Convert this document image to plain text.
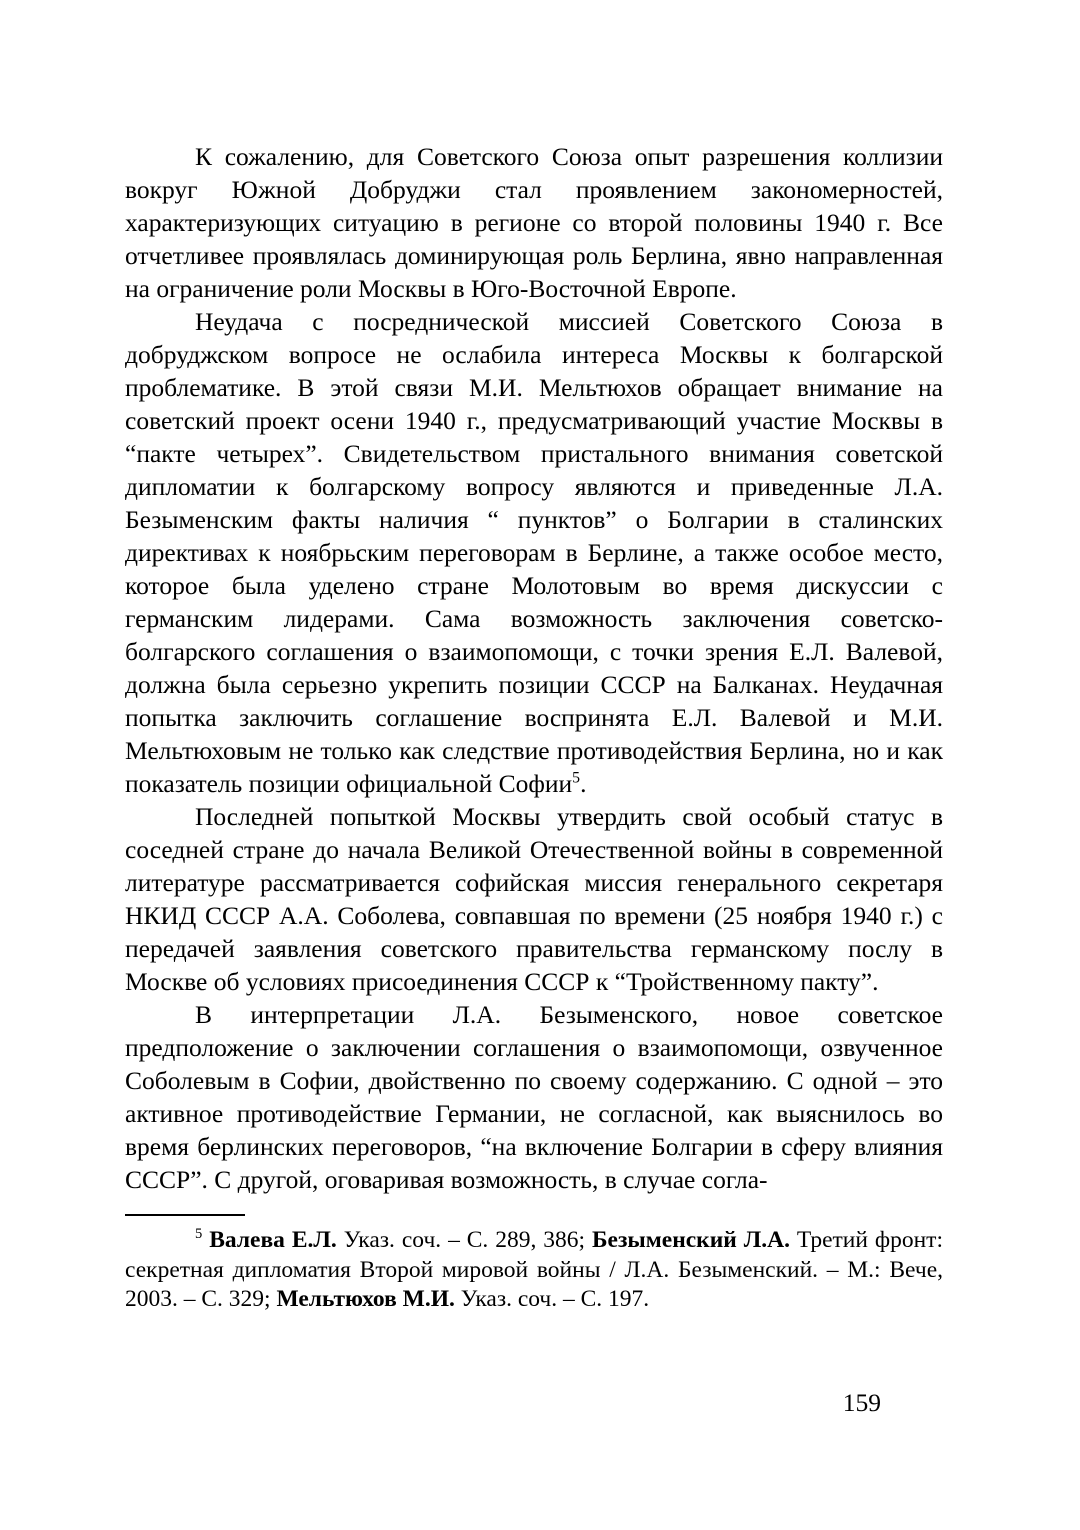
К сожалению, для Советского Союза опыт разрешения коллизии вокруг Южной Добруджи стал проявлением закономерностей, характеризующих ситуацию в регионе со второй половины 1940 г. Все отчетливее проявлялась доминирующая роль Берлина, явно направленная на ограничение роли Москвы в Юго-Восточной Европе.

Неудача с посреднической миссией Советского Союза в добруджском вопросе не ослабила интереса Москвы к болгарской проблематике. В этой связи М.И. Мельтюхов обращает внимание на советский проект осени 1940 г., предусматривающий участие Москвы в “пакте четырех”. Свидетельством пристального внимания советской дипломатии к болгарскому вопросу являются и приведенные Л.А. Безыменским факты наличия “ пунктов” о Болгарии в сталинских директивах к ноябрьским переговорам в Берлине, а также особое место, которое была уделено стране Молотовым во время дискуссии с германским лидерами. Сама возможность заключения советско-болгарского соглашения о взаимопомощи, с точки зрения Е.Л. Валевой, должна была серьезно укрепить позиции СССР на Балканах. Неудачная попытка заключить соглашение воспринята Е.Л. Валевой и М.И. Мельтюховым не только как следствие противодействия Берлина, но и как показатель позиции официальной Софии$^5$.

Последней попыткой Москвы утвердить свой особый статус в соседней стране до начала Великой Отечественной войны в современной литературе рассматривается софийская миссия генерального секретаря НКИД СССР А.А. Соболева, совпавшая по времени (25 ноября 1940 г.) с передачей заявления советского правительства германскому послу в Москве об условиях присоединения СССР к “Тройственному пакту”.

В интерпретации Л.А. Безыменского, новое советское предположение о заключении соглашения о взаимопомощи, озвученное Соболевым в Софии, двойственно по своему содержанию. С одной – это активное противодействие Германии, не согласной, как выяснилось во время берлинских переговоров, “на включение Болгарии в сферу влияния СССР”. С другой, оговаривая возможность, в случае согла-

$^5$ Валева Е.Л. Указ. соч. – С. 289, 386; Безыменский Л.А. Третий фронт: секретная дипломатия Второй мировой войны / Л.А. Безыменский. – М.: Вече, 2003. – С. 329; Мельтюхов М.И. Указ. соч. – С. 197.

159
